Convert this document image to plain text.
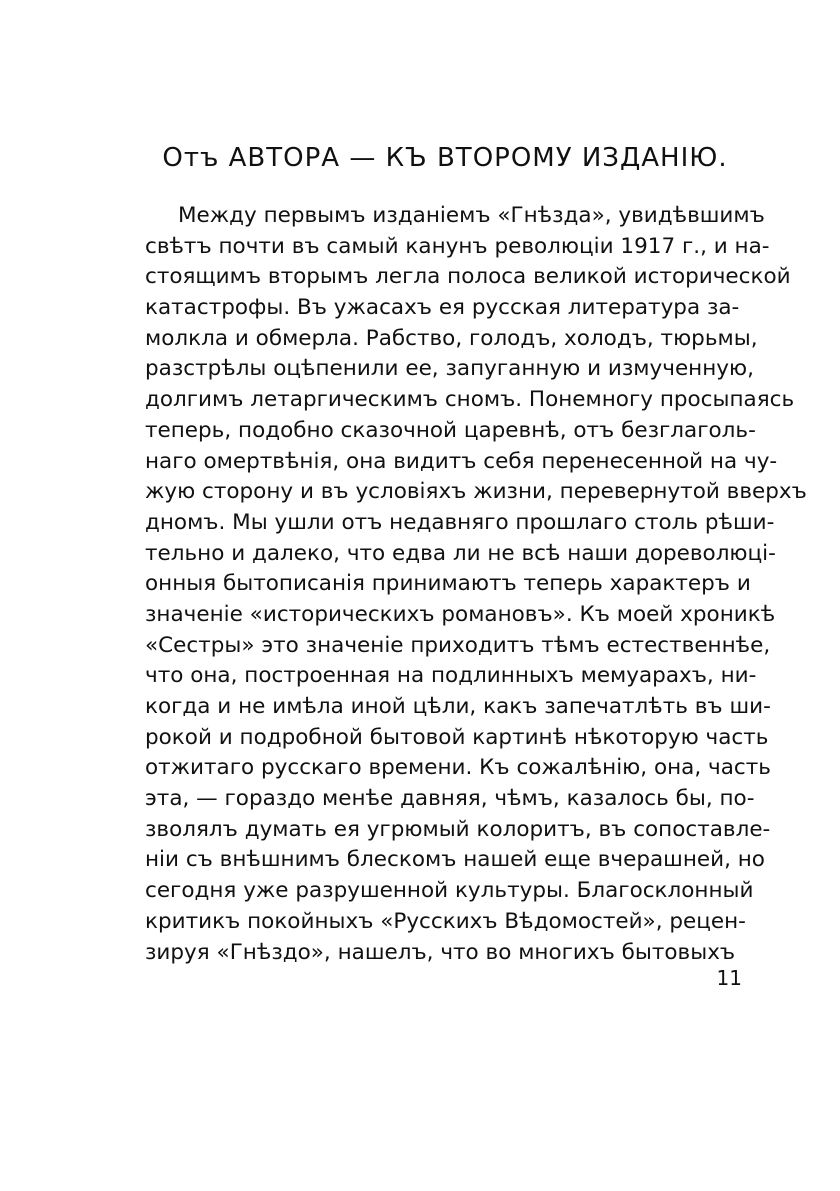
Отъ АВТОРА — КЪ ВТОРОМУ ИЗДАНІЮ.
Между первымъ изданіемъ «Гнѣзда», увидѣвшимъ
свѣтъ почти въ самый канунъ революціи 1917 г., и на-
стоящимъ вторымъ легла полоса великой исторической
катастрофы. Въ ужасахъ ея русская литература за-
молкла и обмерла. Рабство, голодъ, холодъ, тюрьмы,
разстрѣлы оцѣпенили ее, запуганную и измученную,
долгимъ летаргическимъ сномъ. Понемногу просыпаясь
теперь, подобно сказочной царевнѣ, отъ безглаголь-
наго омертвѣнія, она видитъ себя перенесенной на чу-
жую сторону и въ условіяхъ жизни, перевернутой вверхъ
дномъ. Мы ушли отъ недавняго прошлаго столь рѣши-
тельно и далеко, что едва ли не всѣ наши дореволюці-
онныя бытописанія принимаютъ теперь характеръ и
значеніе «историческихъ романовъ». Къ моей хроникѣ
«Сестры» это значеніе приходитъ тѣмъ естественнѣе,
что она, построенная на подлинныхъ мемуарахъ, ни-
когда и не имѣла иной цѣли, какъ запечатлѣть въ ши-
рокой и подробной бытовой картинѣ нѣкоторую часть
отжитаго русскаго времени. Къ сожалѣнію, она, часть
эта, — гораздо менѣе давняя, чѣмъ, казалось бы, по-
зволялъ думать ея угрюмый колоритъ, въ сопоставле-
ніи съ внѣшнимъ блескомъ нашей еще вчерашней, но
сегодня уже разрушенной культуры. Благосклонный
критикъ покойныхъ «Русскихъ Вѣдомостей», рецен-
зируя «Гнѣздо», нашелъ, что во многихъ бытовыхъ
11
